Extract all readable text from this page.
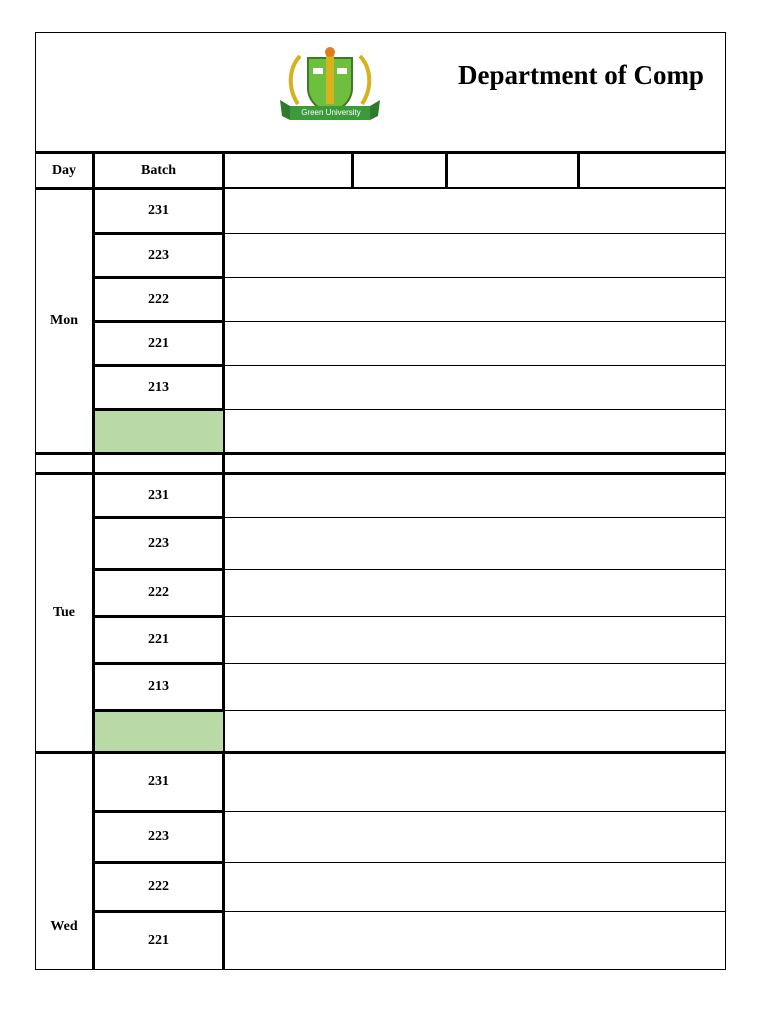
Green University
Department of Comp
Day	Batch
Mon
231
223
222
221
213
Tue
231
223
222
221
213
Wed
231
223
222
221
